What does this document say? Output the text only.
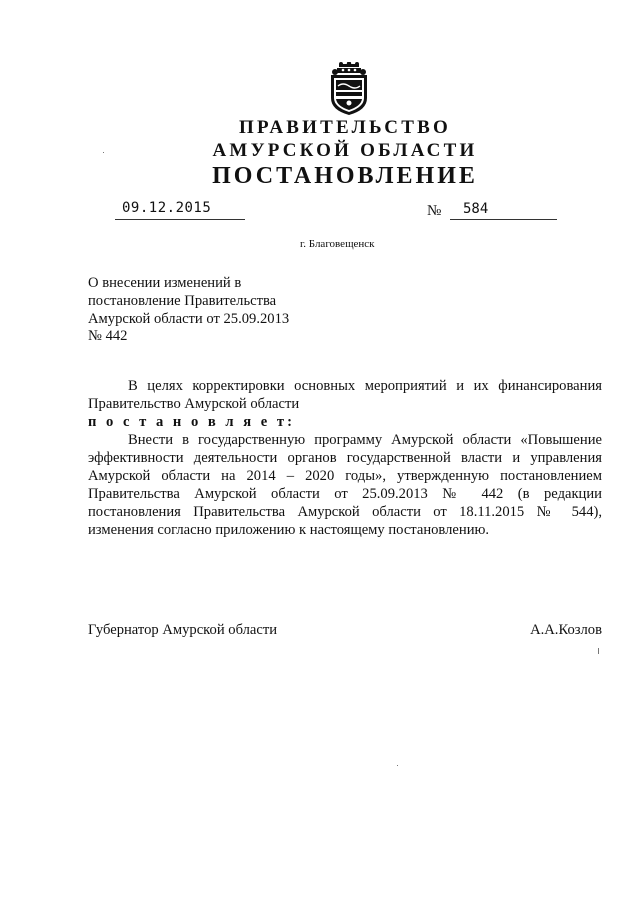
ПРАВИТЕЛЬСТВО
АМУРСКОЙ ОБЛАСТИ
ПОСТАНОВЛЕНИЕ
09.12.2015	№ 584
г. Благовещенск
О внесении изменений в
постановление Правительства
Амурской области от 25.09.2013
№ 442
В целях корректировки основных мероприятий и их финансирования
Правительство Амурской области
п о с т а н о в л я е т:
Внести в государственную программу Амурской области «Повышение
эффективности деятельности органов государственной власти и управления
Амурской области на 2014 – 2020 годы», утвержденную постановлением
Правительства Амурской области от 25.09.2013 № 442 (в редакции
постановления Правительства Амурской области от 18.11.2015 № 544),
изменения согласно приложению к настоящему постановлению.
Губернатор Амурской области	А.А.Козлов
